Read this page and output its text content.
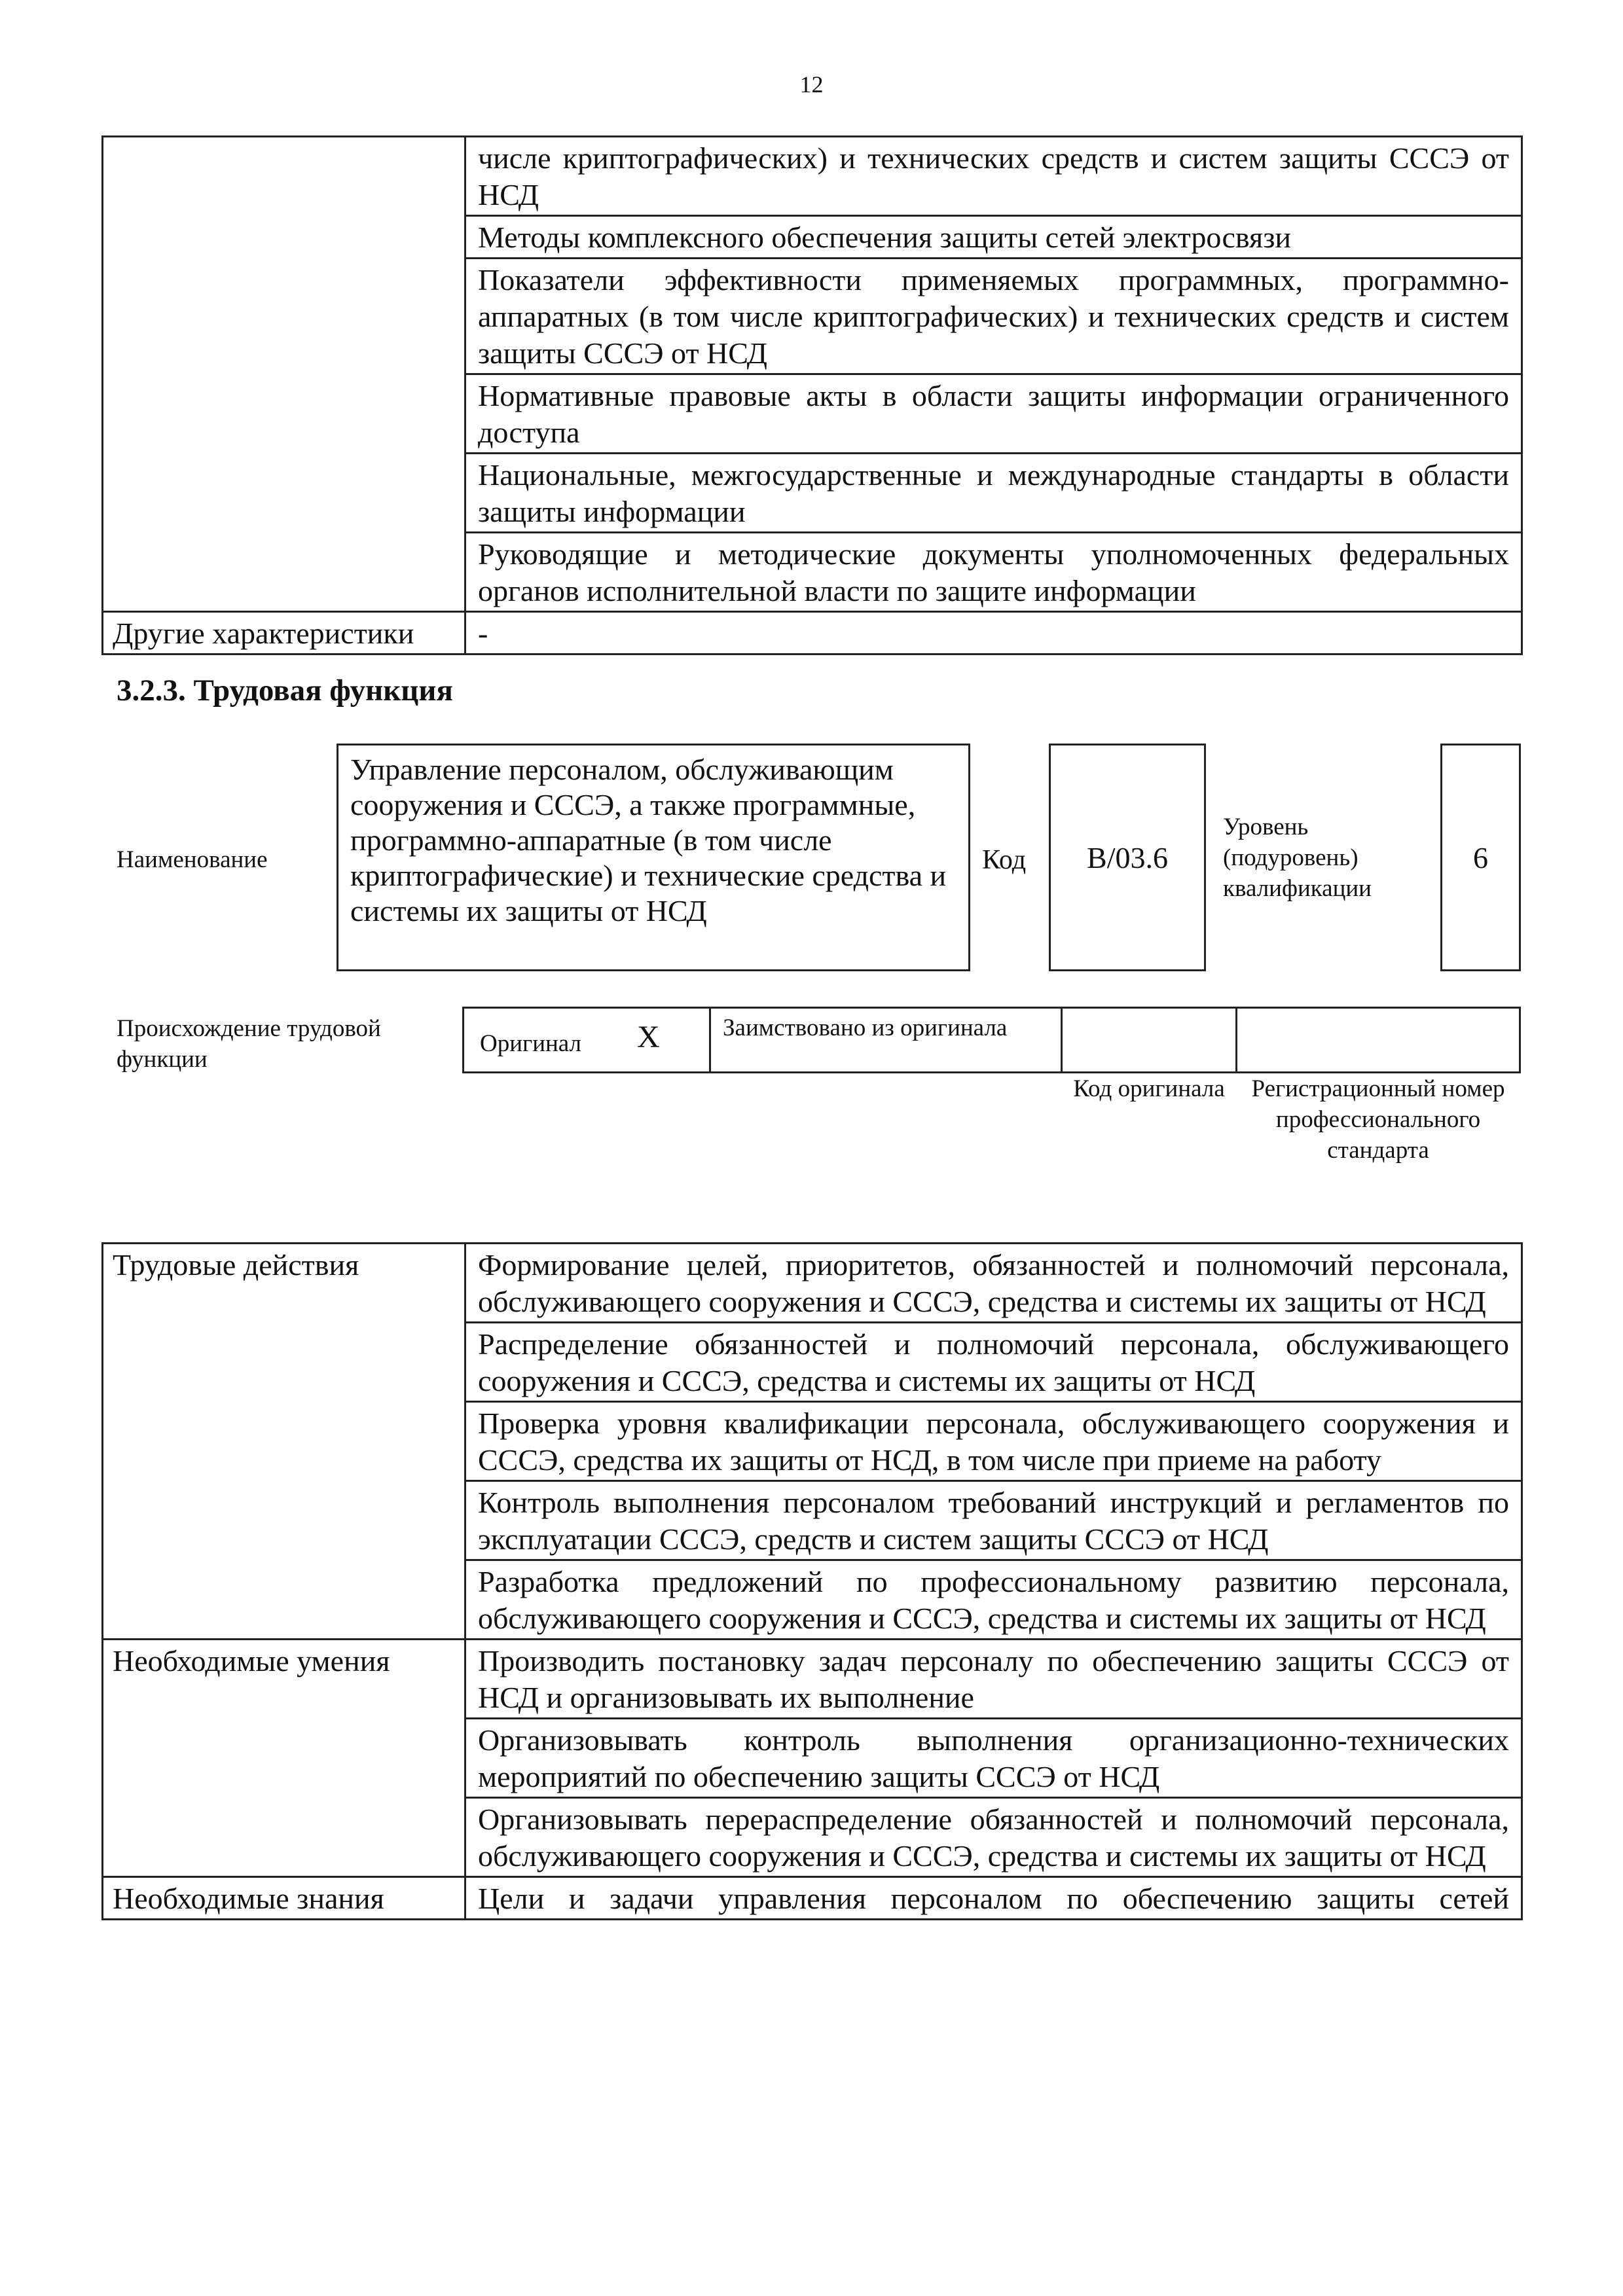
12
	числе криптографических) и технических средств и систем защиты СССЭ от НСД
	Методы комплексного обеспечения защиты сетей электросвязи
	Показатели эффективности применяемых программных, программно-аппаратных (в том числе криптографических) и технических средств и систем защиты СССЭ от НСД
	Нормативные правовые акты в области защиты информации ограниченного доступа
	Национальные, межгосударственные и международные стандарты в области защиты информации
	Руководящие и методические документы уполномоченных федеральных органов исполнительной власти по защите информации
Другие характеристики	-
3.2.3. Трудовая функция
Наименование
Управление персоналом, обслуживающим сооружения и СССЭ, а также программные, программно-аппаратные (в том числе криптографические) и технические средства и системы их защиты от НСД
Код	B/03.6
Уровень (подуровень) квалификации
6
Происхождение трудовой функции
Оригинал X	Заимствовано из оригинала
Код оригинала	Регистрационный номер профессионального стандарта
Трудовые действия	Формирование целей, приоритетов, обязанностей и полномочий персонала, обслуживающего сооружения и СССЭ, средства и системы их защиты от НСД
	Распределение обязанностей и полномочий персонала, обслуживающего сооружения и СССЭ, средства и системы их защиты от НСД
	Проверка уровня квалификации персонала, обслуживающего сооружения и СССЭ, средства их защиты от НСД, в том числе при приеме на работу
	Контроль выполнения персоналом требований инструкций и регламентов по эксплуатации СССЭ, средств и систем защиты СССЭ от НСД
	Разработка предложений по профессиональному развитию персонала, обслуживающего сооружения и СССЭ, средства и системы их защиты от НСД
Необходимые умения	Производить постановку задач персоналу по обеспечению защиты СССЭ от НСД и организовывать их выполнение
	Организовывать контроль выполнения организационно-технических мероприятий по обеспечению защиты СССЭ от НСД
	Организовывать перераспределение обязанностей и полномочий персонала, обслуживающего сооружения и СССЭ, средства и системы их защиты от НСД
Необходимые знания	Цели и задачи управления персоналом по обеспечению защиты сетей
